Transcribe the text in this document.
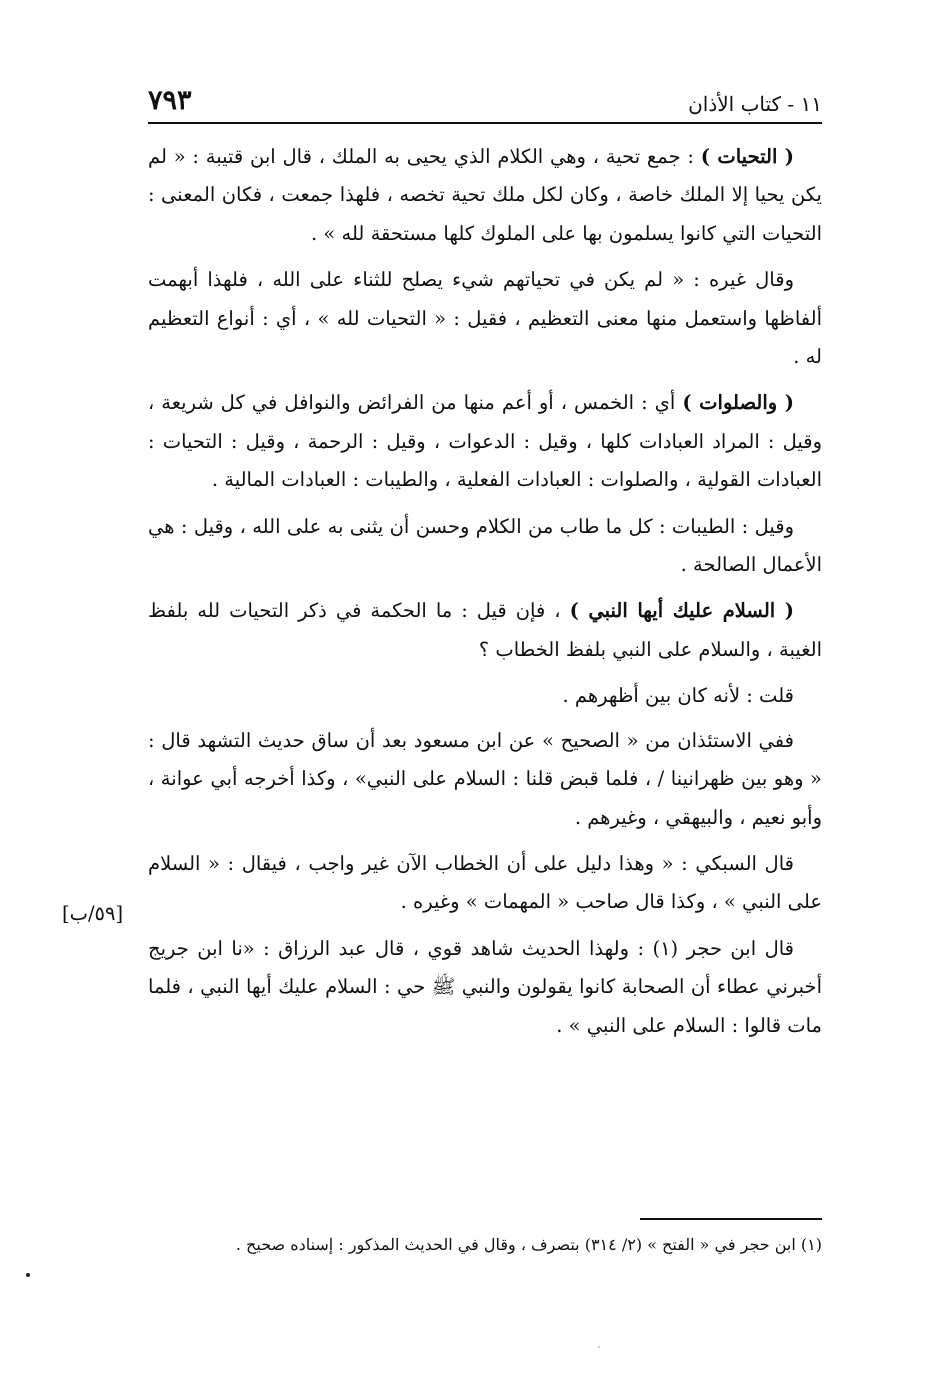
٧٩٣	١١ - كتاب الأذان

( التحيات ) : جمع تحية ، وهي الكلام الذي يحيى به الملك ، قال ابن قتيبة : « لم يكن يحيا إلا الملك خاصة ، وكان لكل ملك تحية تخصه ، فلهذا جمعت ، فكان المعنى : التحيات التي كانوا يسلمون بها على الملوك كلها مستحقة لله » .

وقال غيره : « لم يكن في تحياتهم شيء يصلح للثناء على الله ، فلهذا أبهمت ألفاظها واستعمل منها معنى التعظيم ، فقيل : « التحيات لله » ، أي : أنواع التعظيم له .

( والصلوات ) أي : الخمس ، أو أعم منها من الفرائض والنوافل في كل شريعة ، وقيل : المراد العبادات كلها ، وقيل : الدعوات ، وقيل : الرحمة ، وقيل : التحيات : العبادات القولية ، والصلوات : العبادات الفعلية ، والطيبات : العبادات المالية .

وقيل : الطيبات : كل ما طاب من الكلام وحسن أن يثنى به على الله ، وقيل : هي الأعمال الصالحة .

( السلام عليك أيها النبي ) ، فإن قيل : ما الحكمة في ذكر التحيات لله بلفظ الغيبة ، والسلام على النبي بلفظ الخطاب ؟

قلت : لأنه كان بين أظهرهم .

ففي الاستئذان من « الصحيح » عن ابن مسعود بعد أن ساق حديث التشهد قال : « وهو بين ظهرانينا / ، فلما قبض قلنا : السلام على النبي» ، وكذا أخرجه أبي عوانة ، وأبو نعيم ، والبيهقي ، وغيرهم .

قال السبكي : « وهذا دليل على أن الخطاب الآن غير واجب ، فيقال : « السلام على النبي » ، وكذا قال صاحب « المهمات » وغيره .

قال ابن حجر (١) : ولهذا الحديث شاهد قوي ، قال عبد الرزاق : «نا ابن جريج أخبرني عطاء أن الصحابة كانوا يقولون والنبي ﷺ حي : السلام عليك أيها النبي ، فلما مات قالوا : السلام على النبي » .

[٥٩/ب]
(١) ابن حجر في « الفتح » (٢/ ٣١٤) بتصرف ، وقال في الحديث المذكور : إسناده صحيح .
